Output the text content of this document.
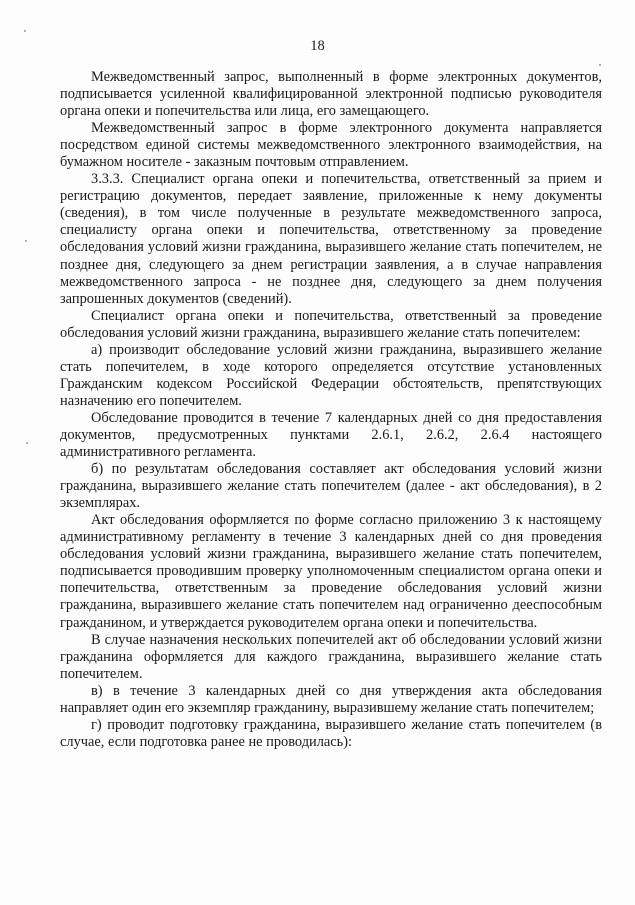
18

Межведомственный запрос, выполненный в форме электронных документов, подписывается усиленной квалифицированной электронной подписью руководителя органа опеки и попечительства или лица, его замещающего.

Межведомственный запрос в форме электронного документа направляется посредством единой системы межведомственного электронного взаимодействия, на бумажном носителе - заказным почтовым отправлением.

3.3.3. Специалист органа опеки и попечительства, ответственный за прием и регистрацию документов, передает заявление, приложенные к нему документы (сведения), в том числе полученные в результате межведомственного запроса, специалисту органа опеки и попечительства, ответственному за проведение обследования условий жизни гражданина, выразившего желание стать попечителем, не позднее дня, следующего за днем регистрации заявления, а в случае направления межведомственного запроса - не позднее дня, следующего за днем получения запрошенных документов (сведений).

Специалист органа опеки и попечительства, ответственный за проведение обследования условий жизни гражданина, выразившего желание стать попечителем:

а) производит обследование условий жизни гражданина, выразившего желание стать попечителем, в ходе которого определяется отсутствие установленных Гражданским кодексом Российской Федерации обстоятельств, препятствующих назначению его попечителем.

Обследование проводится в течение 7 календарных дней со дня предоставления документов, предусмотренных пунктами 2.6.1, 2.6.2, 2.6.4 настоящего административного регламента.

б) по результатам обследования составляет акт обследования условий жизни гражданина, выразившего желание стать попечителем (далее - акт обследования), в 2 экземплярах.

Акт обследования оформляется по форме согласно приложению 3 к настоящему административному регламенту в течение 3 календарных дней со дня проведения обследования условий жизни гражданина, выразившего желание стать попечителем, подписывается проводившим проверку уполномоченным специалистом органа опеки и попечительства, ответственным за проведение обследования условий жизни гражданина, выразившего желание стать попечителем над ограниченно дееспособным гражданином, и утверждается руководителем органа опеки и попечительства.

В случае назначения нескольких попечителей акт об обследовании условий жизни гражданина оформляется для каждого гражданина, выразившего желание стать попечителем.

в) в течение 3 календарных дней со дня утверждения акта обследования направляет один его экземпляр гражданину, выразившему желание стать попечителем;

г) проводит подготовку гражданина, выразившего желание стать попечителем (в случае, если подготовка ранее не проводилась):
